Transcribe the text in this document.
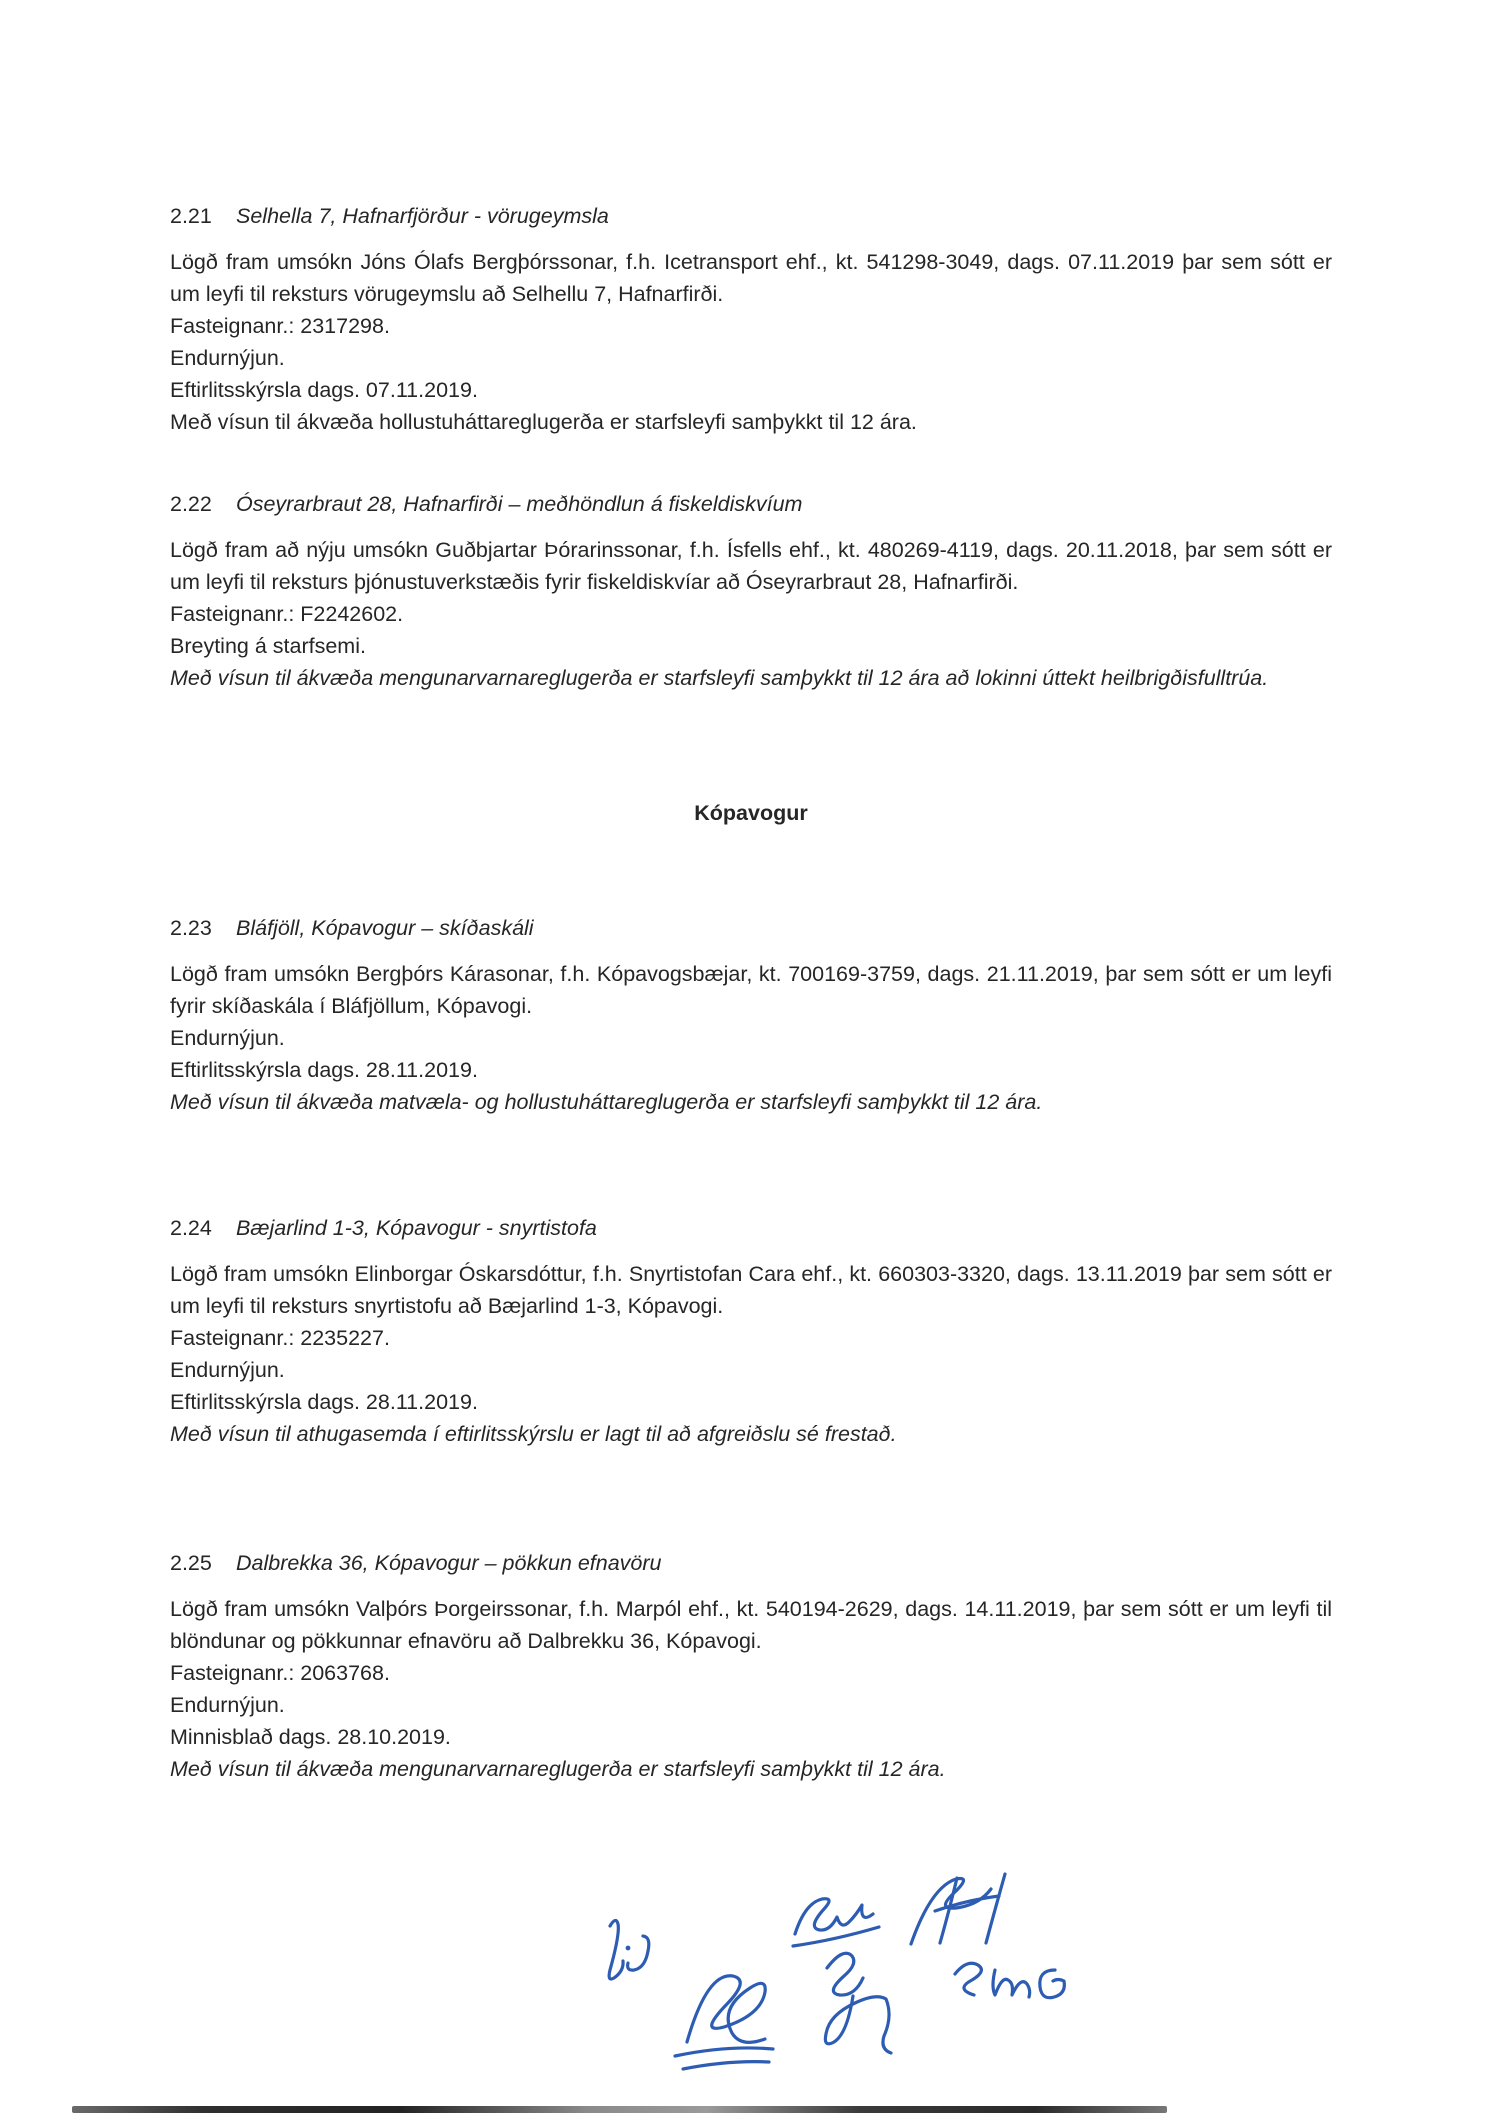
2.21 Selhella 7, Hafnarfjörður - vörugeymsla

Lögð fram umsókn Jóns Ólafs Bergþórssonar, f.h. Icetransport ehf., kt. 541298-3049, dags. 07.11.2019 þar sem sótt er um leyfi til reksturs vörugeymslu að Selhellu 7, Hafnarfirði.

Fasteignanr.: 2317298.

Endurnýjun.

Eftirlitsskýrsla dags. 07.11.2019.

Með vísun til ákvæða hollustuháttareglugerða er starfsleyfi samþykkt til 12 ára.

2.22 Óseyrarbraut 28, Hafnarfirði – meðhöndlun á fiskeldiskvíum

Lögð fram að nýju umsókn Guðbjartar Þórarinssonar, f.h. Ísfells ehf., kt. 480269-4119, dags. 20.11.2018, þar sem sótt er um leyfi til reksturs þjónustuverkstæðis fyrir fiskeldiskvíar að Óseyrarbraut 28, Hafnarfirði.

Fasteignanr.: F2242602.

Breyting á starfsemi.

Með vísun til ákvæða mengunarvarnareglugerða er starfsleyfi samþykkt til 12 ára að lokinni úttekt heilbrigðisfulltrúa.

Kópavogur
2.23 Bláfjöll, Kópavogur – skíðaskáli

Lögð fram umsókn Bergþórs Kárasonar, f.h. Kópavogsbæjar, kt. 700169-3759, dags. 21.11.2019, þar sem sótt er um leyfi fyrir skíðaskála í Bláfjöllum, Kópavogi.

Endurnýjun.

Eftirlitsskýrsla dags. 28.11.2019.

Með vísun til ákvæða matvæla- og hollustuháttareglugerða er starfsleyfi samþykkt til 12 ára.

2.24 Bæjarlind 1-3, Kópavogur - snyrtistofa

Lögð fram umsókn Elinborgar Óskarsdóttur, f.h. Snyrtistofan Cara ehf., kt. 660303-3320, dags. 13.11.2019 þar sem sótt er um leyfi til reksturs snyrtistofu að Bæjarlind 1-3, Kópavogi.

Fasteignanr.: 2235227.

Endurnýjun.

Eftirlitsskýrsla dags. 28.11.2019.

Með vísun til athugasemda í eftirlitsskýrslu er lagt til að afgreiðslu sé frestað.

2.25 Dalbrekka 36, Kópavogur – pökkun efnavöru

Lögð fram umsókn Valþórs Þorgeirssonar, f.h. Marpól ehf., kt. 540194-2629, dags. 14.11.2019, þar sem sótt er um leyfi til blöndunar og pökkunnar efnavöru að Dalbrekku 36, Kópavogi.

Fasteignanr.: 2063768.

Endurnýjun.

Minnisblað dags. 28.10.2019.

Með vísun til ákvæða mengunarvarnareglugerða er starfsleyfi samþykkt til 12 ára.
